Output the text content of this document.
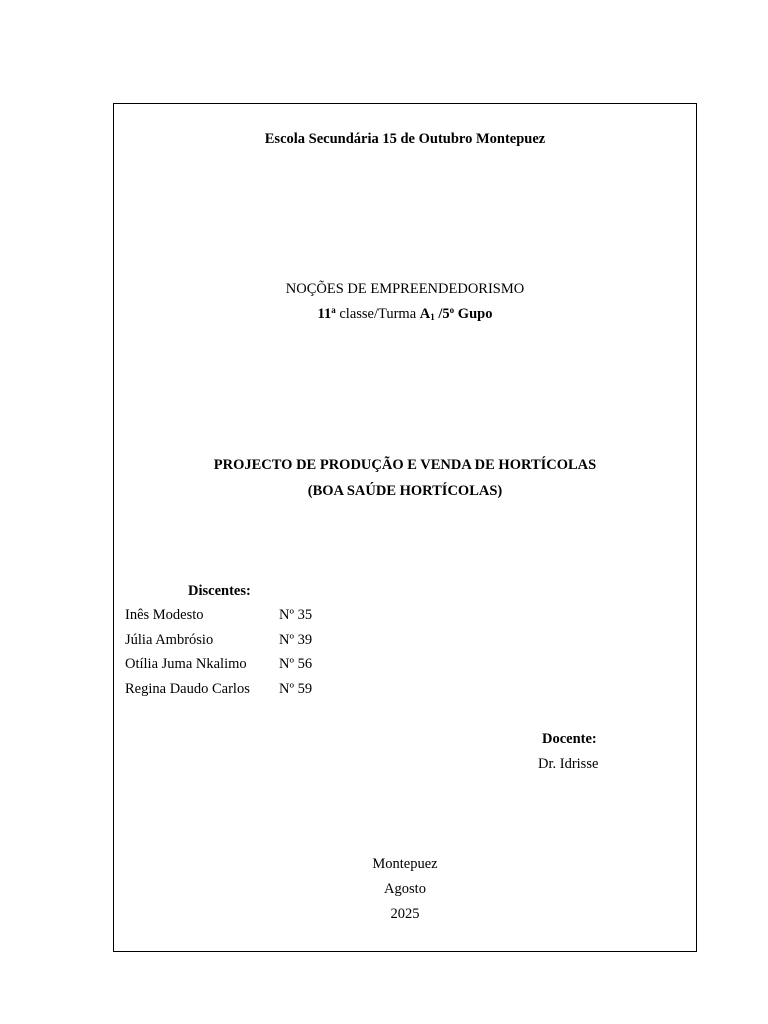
Escola Secundária 15 de Outubro Montepuez
NOÇÕES DE EMPREENDEDORISMO
11$^a$ classe/Turma $A_1$ /5$^o$ Gupo
PROJECTO DE PRODUÇÃO E VENDA DE HORTÍCOLAS
(BOA SAÚDE HORTÍCOLAS)
Discentes:
Inês Modesto	Nº 35
Júlia Ambrósio	Nº 39
Otília Juma Nkalimo Nº 56
Regina Daudo Carlos Nº 59
Docente:
Dr. Idrisse
Montepuez
Agosto
2025
